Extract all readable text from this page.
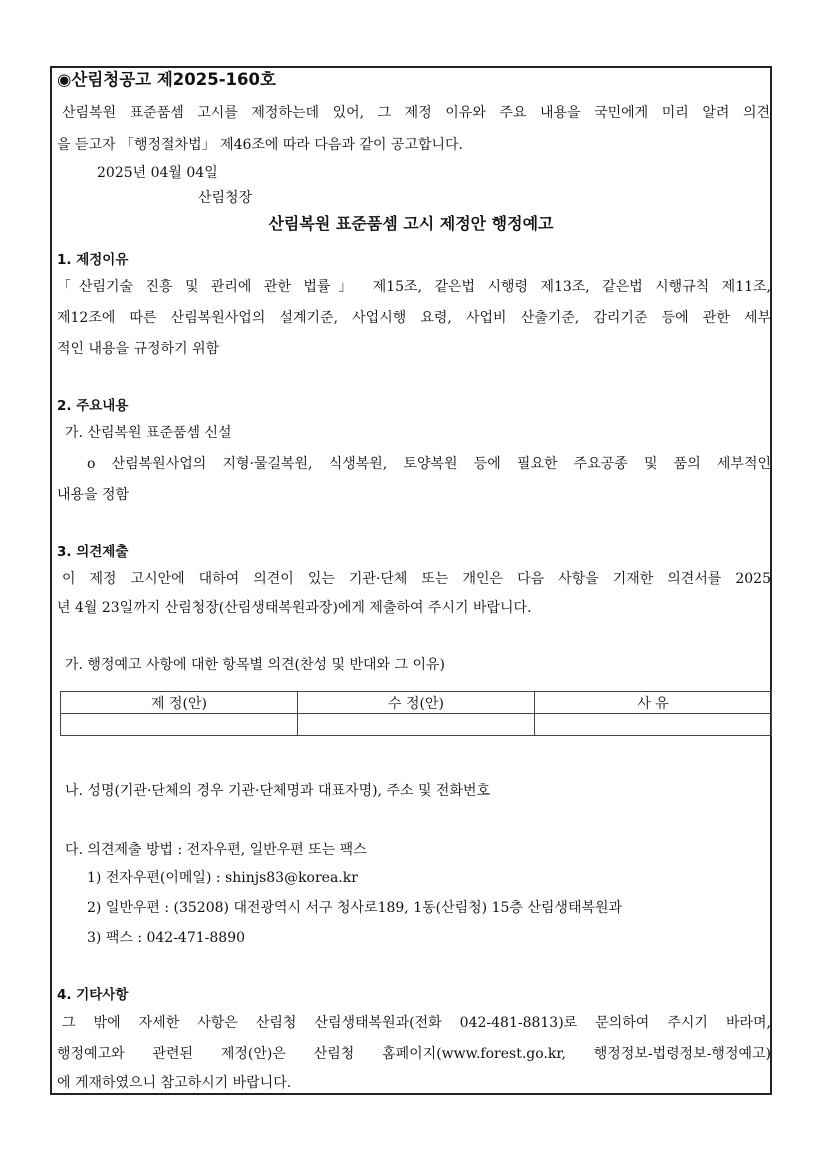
◉산림청공고 제2025-160호
산림복원 표준품셈 고시를 제정하는데 있어, 그 제정 이유와 주요 내용을 국민에게 미리 알려 의견
을 듣고자 「행정절차법」 제46조에 따라 다음과 같이 공고합니다.
2025년 04월 04일
산림청장
산림복원 표준품셈 고시 제정안 행정예고
1. 제정이유
「산림기술 진흥 및 관리에 관한 법률」 제15조, 같은법 시행령 제13조, 같은법 시행규칙 제11조,
제12조에 따른 산림복원사업의 설계기준, 사업시행 요령, 사업비 산출기준, 감리기준 등에 관한 세부
적인 내용을 규정하기 위함
2. 주요내용
가. 산림복원 표준품셈 신설
o 산림복원사업의 지형·물길복원, 식생복원, 토양복원 등에 필요한 주요공종 및 품의 세부적인
내용을 정함
3. 의견제출
이 제정 고시안에 대하여 의견이 있는 기관·단체 또는 개인은 다음 사항을 기재한 의견서를 2025
년 4월 23일까지 산림청장(산림생태복원과장)에게 제출하여 주시기 바랍니다.
가. 행정예고 사항에 대한 항목별 의견(찬성 및 반대와 그 이유)
제 정(안)	수 정(안)	사 유

나. 성명(기관·단체의 경우 기관·단체명과 대표자명), 주소 및 전화번호
다. 의견제출 방법 : 전자우편, 일반우편 또는 팩스
1) 전자우편(이메일) : shinjs83@korea.kr
2) 일반우편 : (35208) 대전광역시 서구 청사로189, 1동(산림청) 15층 산림생태복원과
3) 팩스 : 042-471-8890
4. 기타사항
그 밖에 자세한 사항은 산림청 산림생태복원과(전화 042-481-8813)로 문의하여 주시기 바라며,
행정예고와 관련된 제정(안)은 산림청 홈페이지(www.forest.go.kr, 행정정보-법령정보-행정예고)
에 게재하였으니 참고하시기 바랍니다.
